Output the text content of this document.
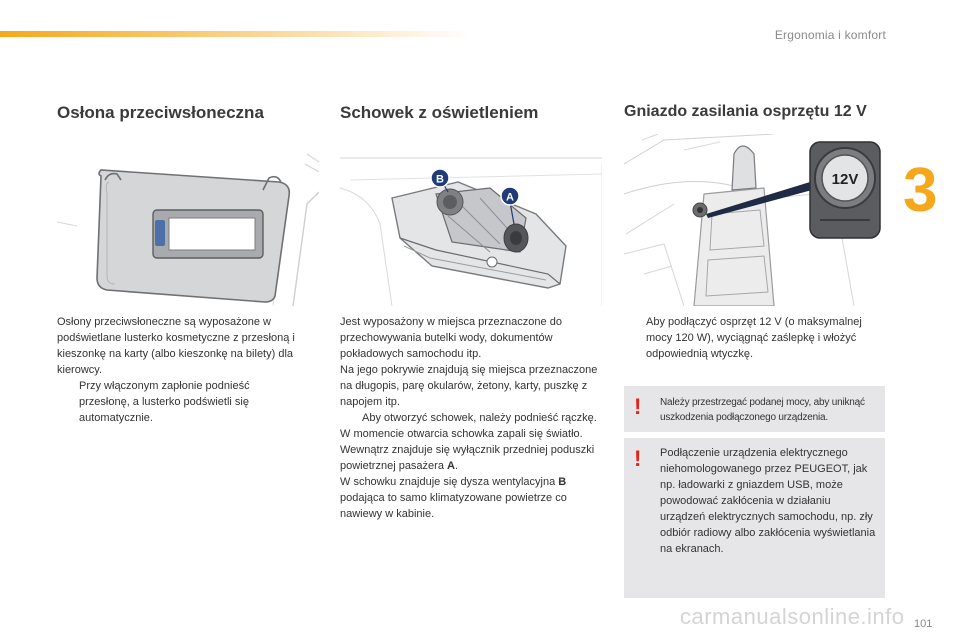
Ergonomia i komfort
3
Osłona przeciwsłoneczna

Osłony przeciwsłoneczne są wyposażone w podświetlane lusterko kosmetyczne z przesłoną i kieszonkę na karty (albo kieszonkę na bilety) dla kierowcy.

Przy włączonym zapłonie podnieść przesłonę, a lusterko podświetli się automatycznie.
Schowek z oświetleniem
B
A

Jest wyposażony w miejsca przeznaczone do przechowywania butelki wody, dokumentów pokładowych samochodu itp.

Na jego pokrywie znajdują się miejsca przeznaczone na długopis, parę okularów, żetony, karty, puszkę z napojem itp.

Aby otworzyć schowek, należy podnieść rączkę.

W momencie otwarcia schowka zapali się światło.

Wewnątrz znajduje się wyłącznik przedniej poduszki powietrznej pasażera A.

W schowku znajduje się dysza wentylacyjna B podająca to samo klimatyzowane powietrze co nawiewy w kabinie.

Gniazdo zasilania osprzętu 12 V
12V
Aby podłączyć osprzęt 12 V (o maksymalnej mocy 120 W), wyciągnąć zaślepkę i włożyć odpowiednią wtyczkę.
! Należy przestrzegać podanej mocy, aby uniknąć uszkodzenia podłączonego urządzenia.
! Podłączenie urządzenia elektrycznego niehomologowanego przez PEUGEOT, jak np. ładowarki z gniazdem USB, może powodować zakłócenia w działaniu urządzeń elektrycznych samochodu, np. zły odbiór radiowy albo zakłócenia wyświetlania na ekranach.
carmanualsonline.info 101
